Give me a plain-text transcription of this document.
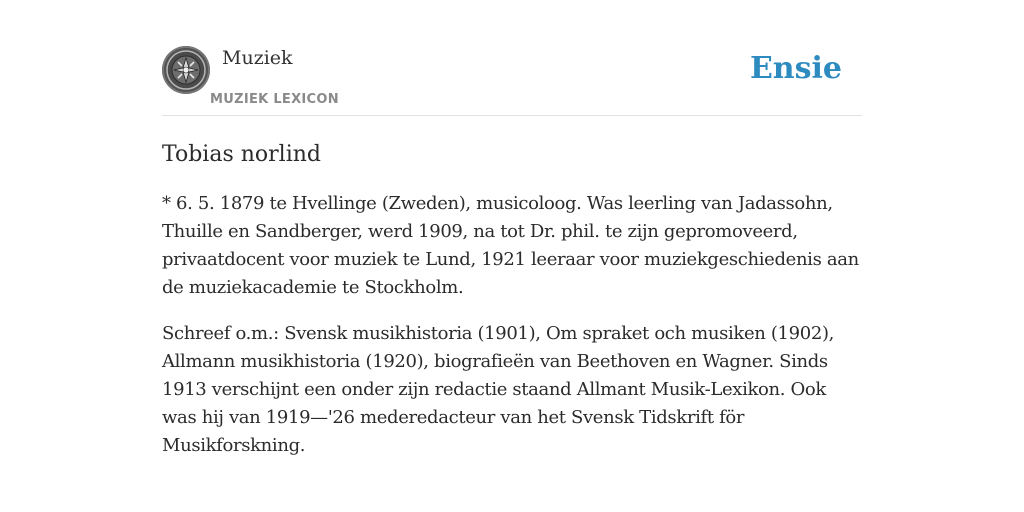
Muziek
MUZIEK LEXICON
Ensie
Tobias norlind

* 6. 5. 1879 te Hvellinge (Zweden), musicoloog. Was leerling van Jadassohn, Thuille en Sandberger, werd 1909, na tot Dr. phil. te zijn gepromoveerd, privaatdocent voor muziek te Lund, 1921 leeraar voor muziekgeschiedenis aan de muziekacademie te Stockholm.

Schreef o.m.: Svensk musikhistoria (1901), Om spraket och musiken (1902), Allmann musikhistoria (1920), biografieën van Beethoven en Wagner. Sinds 1913 verschijnt een onder zijn redactie staand Allmant Musik-Lexikon. Ook was hij van 1919—'26 mederedacteur van het Svensk Tidskrift för Musikforskning.
